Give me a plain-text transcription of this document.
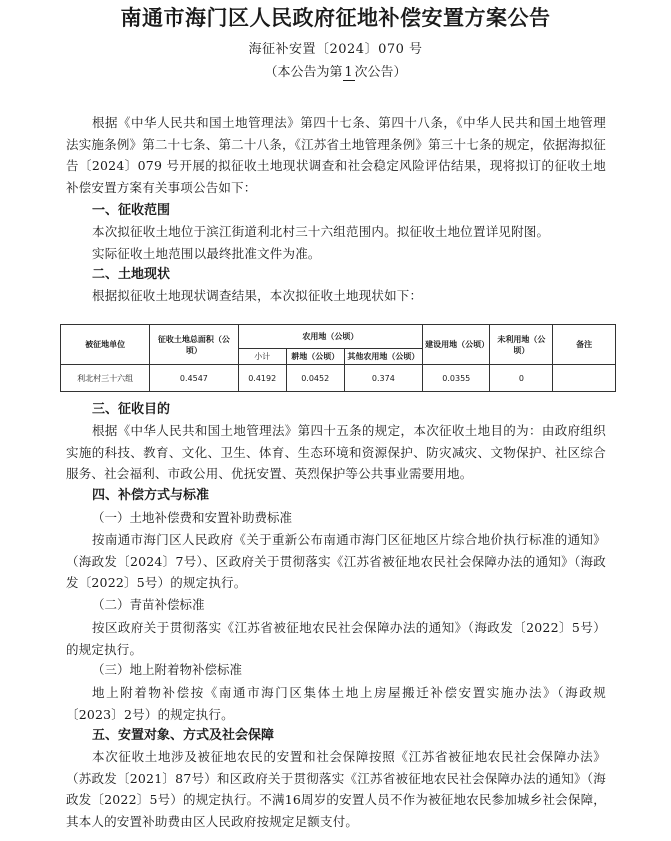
南通市海门区人民政府征地补偿安置方案公告
海征补安置〔2024〕070 号
（本公告为第 1 次公告）

根据《中华人民共和国土地管理法》第四十七条、第四十八条，《中华人民共和国土地管理法实施条例》第二十七条、第二十八条，《江苏省土地管理条例》第三十七条的规定，依据海拟征告〔2024〕079 号开展的拟征收土地现状调查和社会稳定风险评估结果，现将拟订的征收土地补偿安置方案有关事项公告如下：

一、征收范围

本次拟征收土地位于滨江街道利北村三十六组范围内。拟征收土地位置详见附图。

实际征收土地范围以最终批准文件为准。

二、土地现状

根据拟征收土地现状调查结果，本次拟征收土地现状如下：

被征地单位	征收土地总面积（公顷）	农用地（公顷）			建设用地（公顷）	未利用地（公顷）	备注
		小计	耕地（公顷）	其他农用地（公顷）			
利北村三十六组	0.4547	0.4192	0.0452	0.374	0.0355	0	

三、征收目的

根据《中华人民共和国土地管理法》第四十五条的规定，本次征收土地目的为：由政府组织实施的科技、教育、文化、卫生、体育、生态环境和资源保护、防灾减灾、文物保护、社区综合服务、社会福利、市政公用、优抚安置、英烈保护等公共事业需要用地。

四、补偿方式与标准

（一）土地补偿费和安置补助费标准

按南通市海门区人民政府《关于重新公布南通市海门区征地区片综合地价执行标准的通知》（海政发〔2024〕7号）、区政府关于贯彻落实《江苏省被征地农民社会保障办法的通知》（海政发〔2022〕5号）的规定执行。

（二）青苗补偿标准

按区政府关于贯彻落实《江苏省被征地农民社会保障办法的通知》（海政发〔2022〕5号）的规定执行。

（三）地上附着物补偿标准

地上附着物补偿按《南通市海门区集体土地上房屋搬迁补偿安置实施办法》（海政规〔2023〕2号）的规定执行。

五、安置对象、方式及社会保障

本次征收土地涉及被征地农民的安置和社会保障按照《江苏省被征地农民社会保障办法》（苏政发〔2021〕87号）和区政府关于贯彻落实《江苏省被征地农民社会保障办法的通知》（海政发〔2022〕5号）的规定执行。不满16周岁的安置人员不作为被征地农民参加城乡社会保障，其本人的安置补助费由区人民政府按规定足额支付。
